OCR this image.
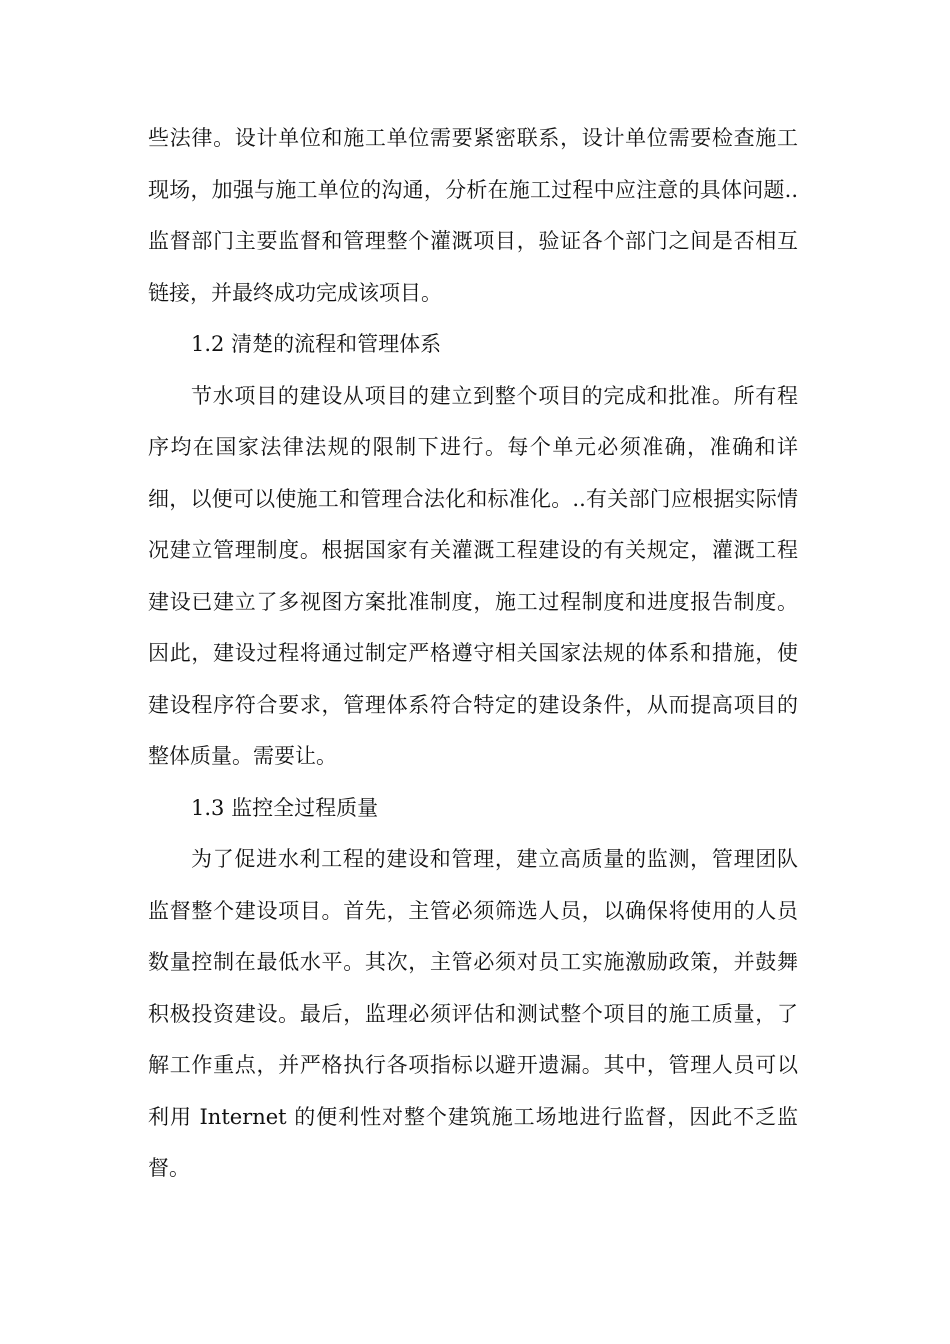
些法律。设计单位和施工单位需要紧密联系，设计单位需要检查施工现场，加强与施工单位的沟通，分析在施工过程中应注意的具体问题..监督部门主要监督和管理整个灌溉项目，验证各个部门之间是否相互链接，并最终成功完成该项目。

1.2 清楚的流程和管理体系

节水项目的建设从项目的建立到整个项目的完成和批准。所有程序均在国家法律法规的限制下进行。每个单元必须准确，准确和详细，以便可以使施工和管理合法化和标准化。..有关部门应根据实际情况建立管理制度。根据国家有关灌溉工程建设的有关规定，灌溉工程建设已建立了多视图方案批准制度，施工过程制度和进度报告制度。因此，建设过程将通过制定严格遵守相关国家法规的体系和措施，使建设程序符合要求，管理体系符合特定的建设条件，从而提高项目的整体质量。需要让。

1.3 监控全过程质量

为了促进水利工程的建设和管理，建立高质量的监测，管理团队监督整个建设项目。首先，主管必须筛选人员，以确保将使用的人员数量控制在最低水平。其次，主管必须对员工实施激励政策，并鼓舞积极投资建设。最后，监理必须评估和测试整个项目的施工质量，了解工作重点，并严格执行各项指标以避开遗漏。其中，管理人员可以利用 Internet 的便利性对整个建筑施工场地进行监督，因此不乏监督。
